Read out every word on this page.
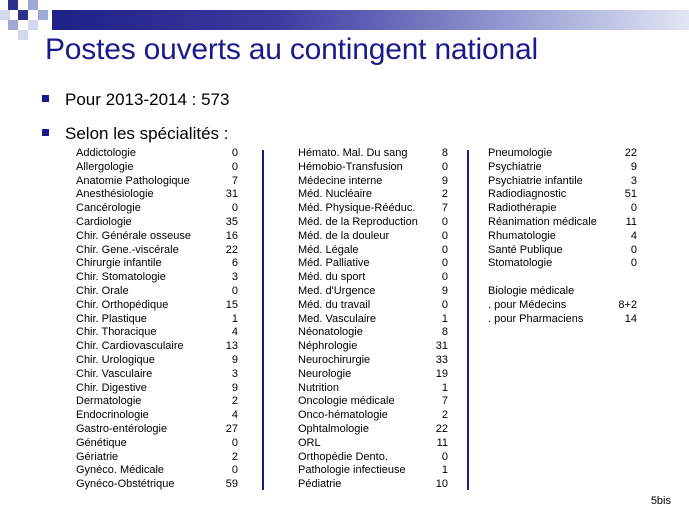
Postes ouverts au contingent national
Pour 2013-2014 : 573
Selon les spécialités :
Addictologie	0
Allergologie	0
Anatomie Pathologique	7
Anesthésiologie	31
Cancérologie	0
Cardiologie	35
Chir. Générale osseuse	16
Chir. Gene.-viscérale	22
Chirurgie infantile	6
Chir. Stomatologie	3
Chir. Orale	0
Chir. Orthopédique	15
Chir. Plastique	1
Chir. Thoracique	4
Chir. Cardiovasculaire	13
Chir. Urologique	9
Chir. Vasculaire	3
Chir. Digestive	9
Dermatologie	2
Endocrinologie	4
Gastro-entérologie	27
Génétique	0
Gériatrie	2
Gynéco. Médicale	0
Gynéco-Obstétrique	59
Hémato. Mal. Du sang	8
Hémobio-Transfusion	0
Médecine interne	9
Méd. Nucléaire	2
Méd. Physique-Rééduc. 7
Méd. de la Reproduction 0
Méd. de la douleur	0
Méd. Légale	0
Méd. Palliative	0
Méd. du sport	0
Med. d'Urgence	9
Méd. du travail	0
Med. Vasculaire	1
Néonatologie	8
Néphrologie	31
Neurochirurgie	33
Neurologie	19
Nutrition	1
Oncologie médicale	7
Onco-hématologie	2
Ophtalmologie	22
ORL	11
Orthopédie Dento.	0
Pathologie infectieuse	1
Pédiatrie	10
Pneumologie	22
Psychiatrie	9
Psychiatrie infantile	3
Radiodiagnostic	51
Radiothérapie	0
Réanimation médicale	11
Rhumatologie	4
Santé Publique	0
Stomatologie	0
Biologie médicale
. pour Médecins	8+2
. pour Pharmaciens	14
5bis
